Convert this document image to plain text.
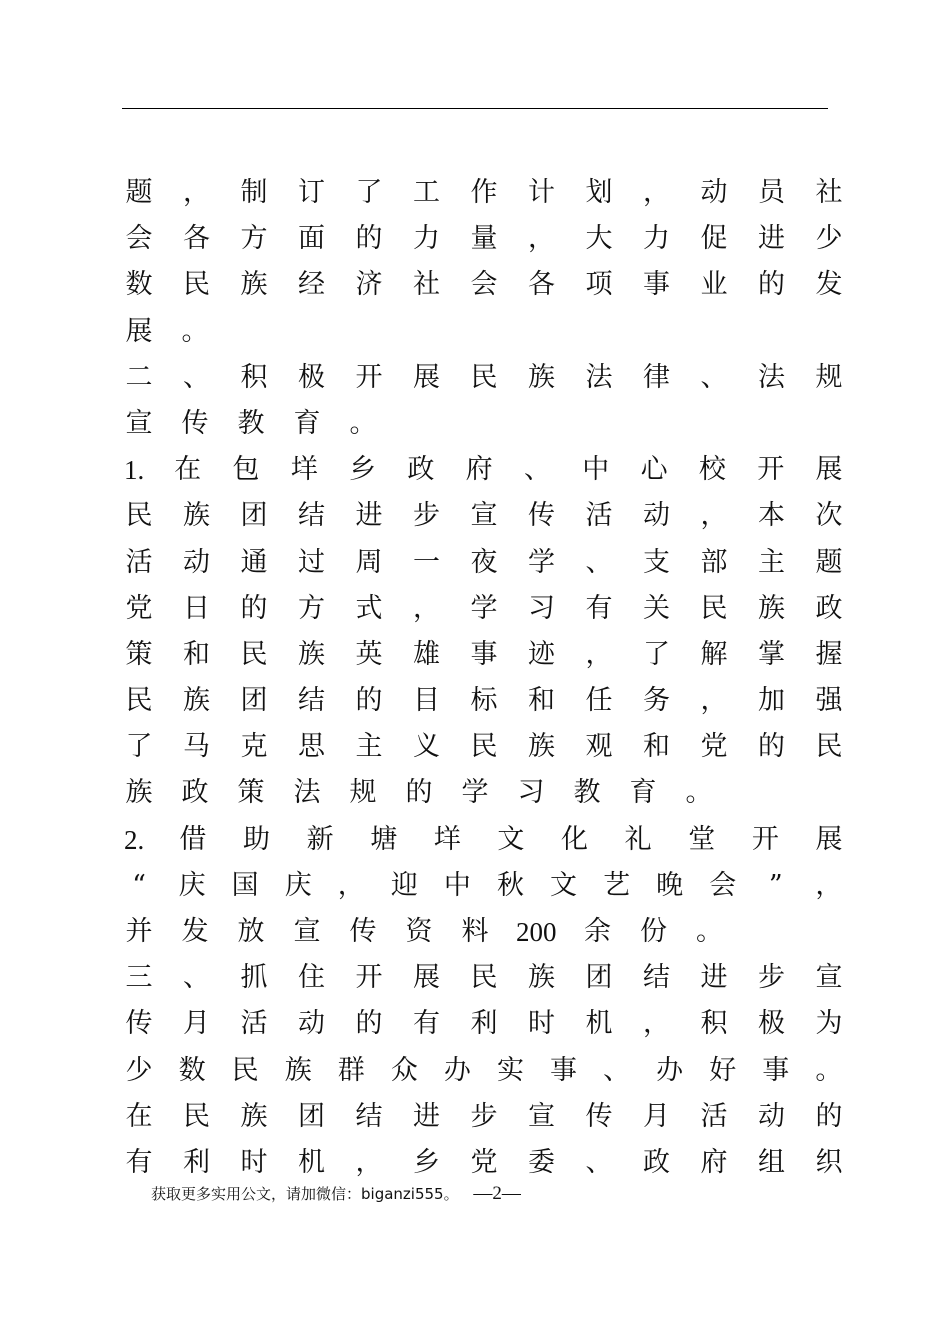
题 ， 制 订 了 工 作 计 划 ， 动 员 社
会 各 方 面 的 力 量 ， 大 力 促 进 少
数 民 族 经 济 社 会 各 项 事 业 的 发
展 。
二 、 积 极 开 展 民 族 法 律 、 法 规
宣 传 教 育 。
1. 在 包 垟 乡 政 府 、 中 心 校 开 展
民 族 团 结 进 步 宣 传 活 动 ， 本 次
活 动 通 过 周 一 夜 学 、 支 部 主 题
党 日 的 方 式 ， 学 习 有 关 民 族 政
策 和 民 族 英 雄 事 迹 ， 了 解 掌 握
民 族 团 结 的 目 标 和 任 务 ， 加 强
了 马 克 思 主 义 民 族 观 和 党 的 民
族 政 策 法 规 的 学 习 教 育 。
2. 借 助 新 塘 垟 文 化 礼 堂 开 展
“ 庆 国 庆 ， 迎 中 秋 文 艺 晚 会 ” ，
并 发 放 宣 传 资 料 200 余 份 。
三 、 抓 住 开 展 民 族 团 结 进 步 宣
传 月 活 动 的 有 利 时 机 ， 积 极 为
少 数 民 族 群 众 办 实 事 、 办 好 事 。
在 民 族 团 结 进 步 宣 传 月 活 动 的
有 利 时 机 ， 乡 党 委 、 政 府 组 织
获取更多实用公文，请加微信：biganzi555。 —2—
